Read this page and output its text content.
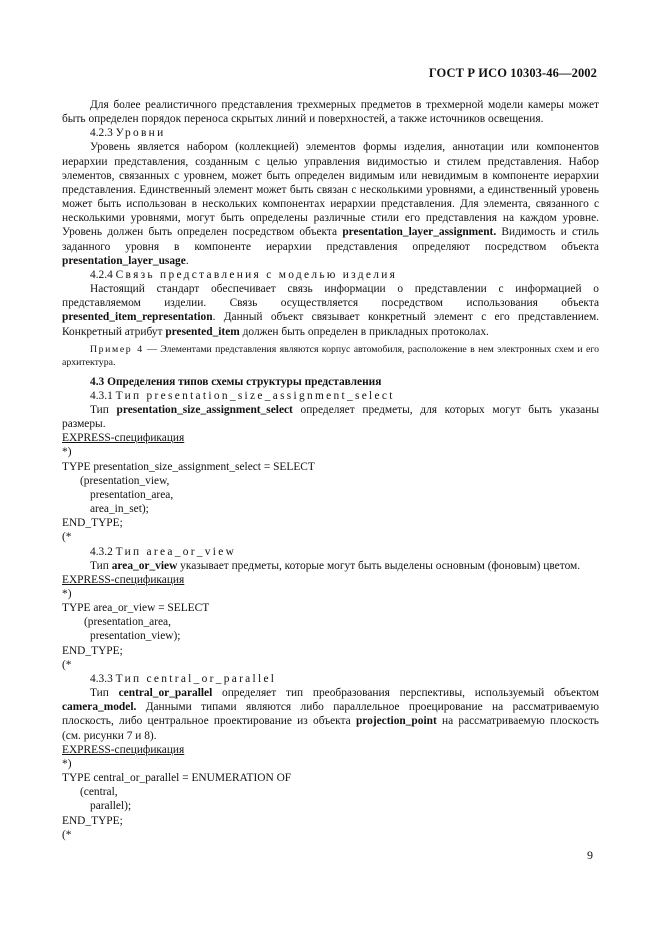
ГОСТ Р ИСО 10303-46—2002

Для более реалистичного представления трехмерных предметов в трехмерной модели камеры может быть определен порядок переноса скрытых линий и поверхностей, а также источников освещения.

4.2.3 Уровни

Уровень является набором (коллекцией) элементов формы изделия, аннотации или компонентов иерархии представления, созданным с целью управления видимостью и стилем представления. Набор элементов, связанных с уровнем, может быть определен видимым или невидимым в компоненте иерархии представления. Единственный элемент может быть связан с несколькими уровнями, а единственный уровень может быть использован в нескольких компонентах иерархии представления. Для элемента, связанного с несколькими уровнями, могут быть определены различные стили его представления на каждом уровне. Уровень должен быть определен посредством объекта presentation_layer_assignment. Видимость и стиль заданного уровня в компоненте иерархии представления определяют посредством объекта presentation_layer_usage.

4.2.4 Связь представления с моделью изделия

Настоящий стандарт обеспечивает связь информации о представлении с информацией о представляемом изделии. Связь осуществляется посредством использования объекта presented_item_representation. Данный объект связывает конкретный элемент с его представлением. Конкретный атрибут presented_item должен быть определен в прикладных протоколах.

Пример 4 — Элементами представления являются корпус автомобиля, расположение в нем электронных схем и его архитектура.

4.3 Определения типов схемы структуры представления

4.3.1 Тип presentation_size_assignment_select

Тип presentation_size_assignment_select определяет предметы, для которых могут быть указаны размеры.

EXPRESS-спецификация

*)

TYPE presentation_size_assignment_select = SELECT

(presentation_view,

presentation_area,

area_in_set);

END_TYPE;

(*

4.3.2 Тип area_or_view

Тип area_or_view указывает предметы, которые могут быть выделены основным (фоновым) цветом.

EXPRESS-спецификация

*)

TYPE area_or_view = SELECT

(presentation_area,

presentation_view);

END_TYPE;

(*

4.3.3 Тип central_or_parallel

Тип central_or_parallel определяет тип преобразования перспективы, используемый объектом camera_model. Данными типами являются либо параллельное проецирование на рассматриваемую плоскость, либо центральное проектирование из объекта projection_point на рассматриваемую плоскость (см. рисунки 7 и 8).

EXPRESS-спецификация

*)

TYPE central_or_parallel = ENUMERATION OF

(central,

parallel);

END_TYPE;

(*

9
